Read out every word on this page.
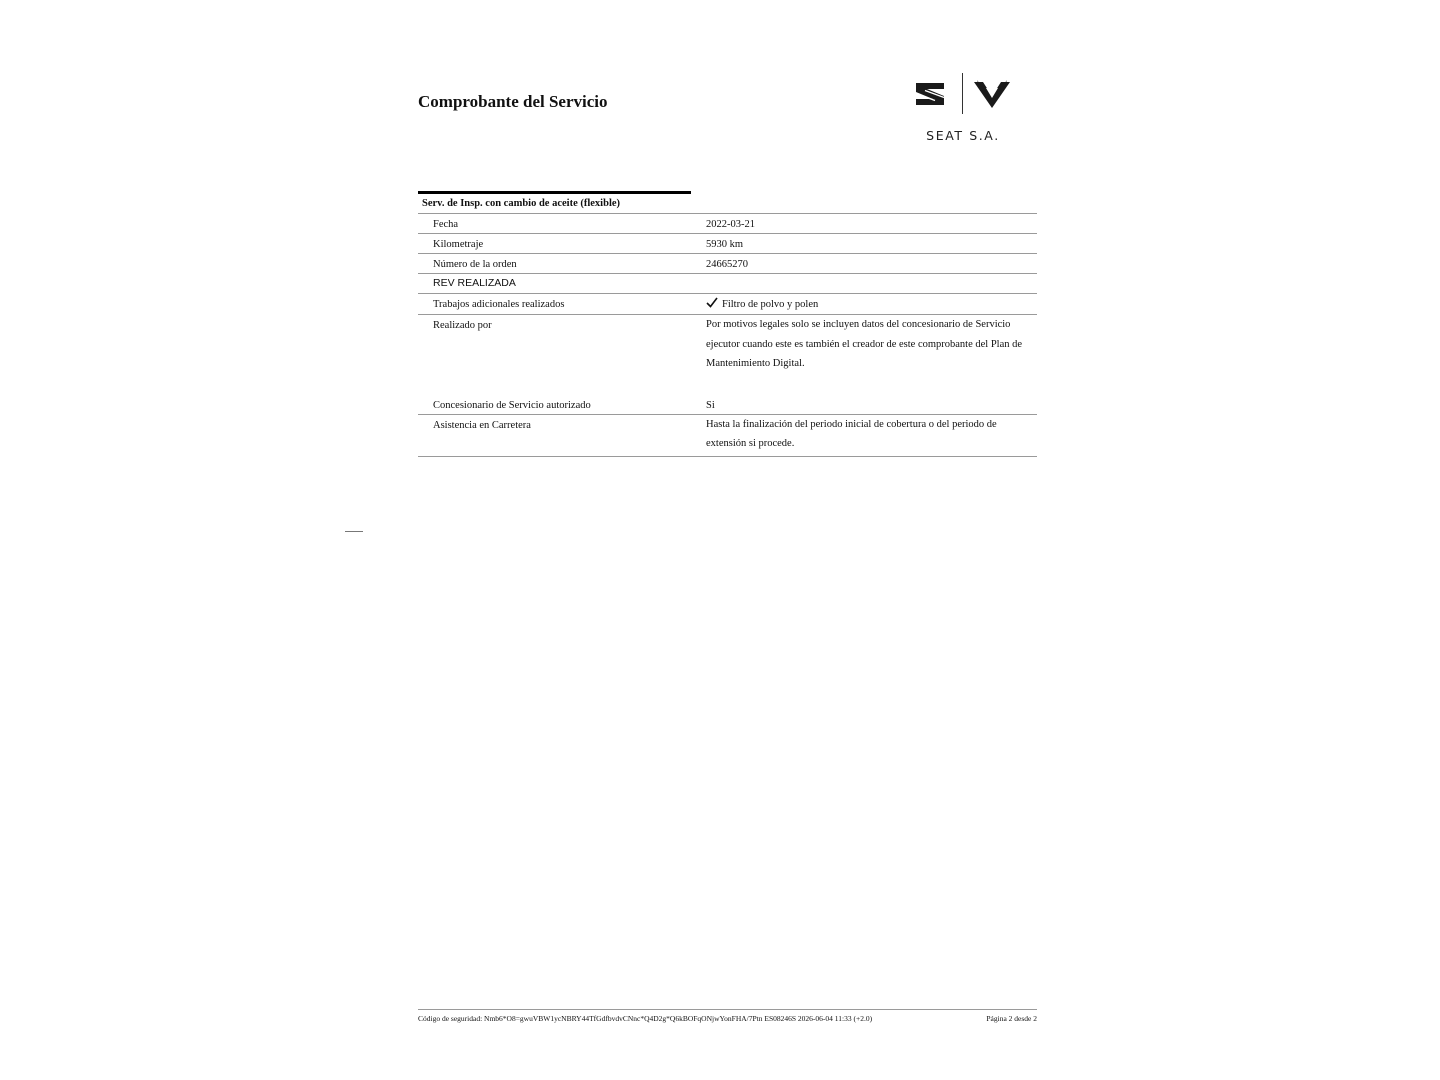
Comprobante del Servicio
SEAT S.A.
Serv. de Insp. con cambio de aceite (flexible)
Fecha	2022-03-21
Kilometraje	5930 km
Número de la orden	24665270
REV REALIZADA
Trabajos adicionales realizados	Filtro de polvo y polen
Realizado por	Por motivos legales solo se incluyen datos del concesionario de Servicio ejecutor cuando este es también el creador de este comprobante del Plan de Mantenimiento Digital.
Concesionario de Servicio autorizado	Si
Asistencia en Carretera	Hasta la finalización del periodo inicial de cobertura o del periodo de extensión si procede.
Código de seguridad: Nmb6*O8=gwuVBW1ycNBRY44TfGdfbvdvCNnc*Q4D2g*Q6kBOFqONjwYonFHA/7Ptn ES08246S 2026-06-04 11:33 (+2.0)	Página 2 desde 2
